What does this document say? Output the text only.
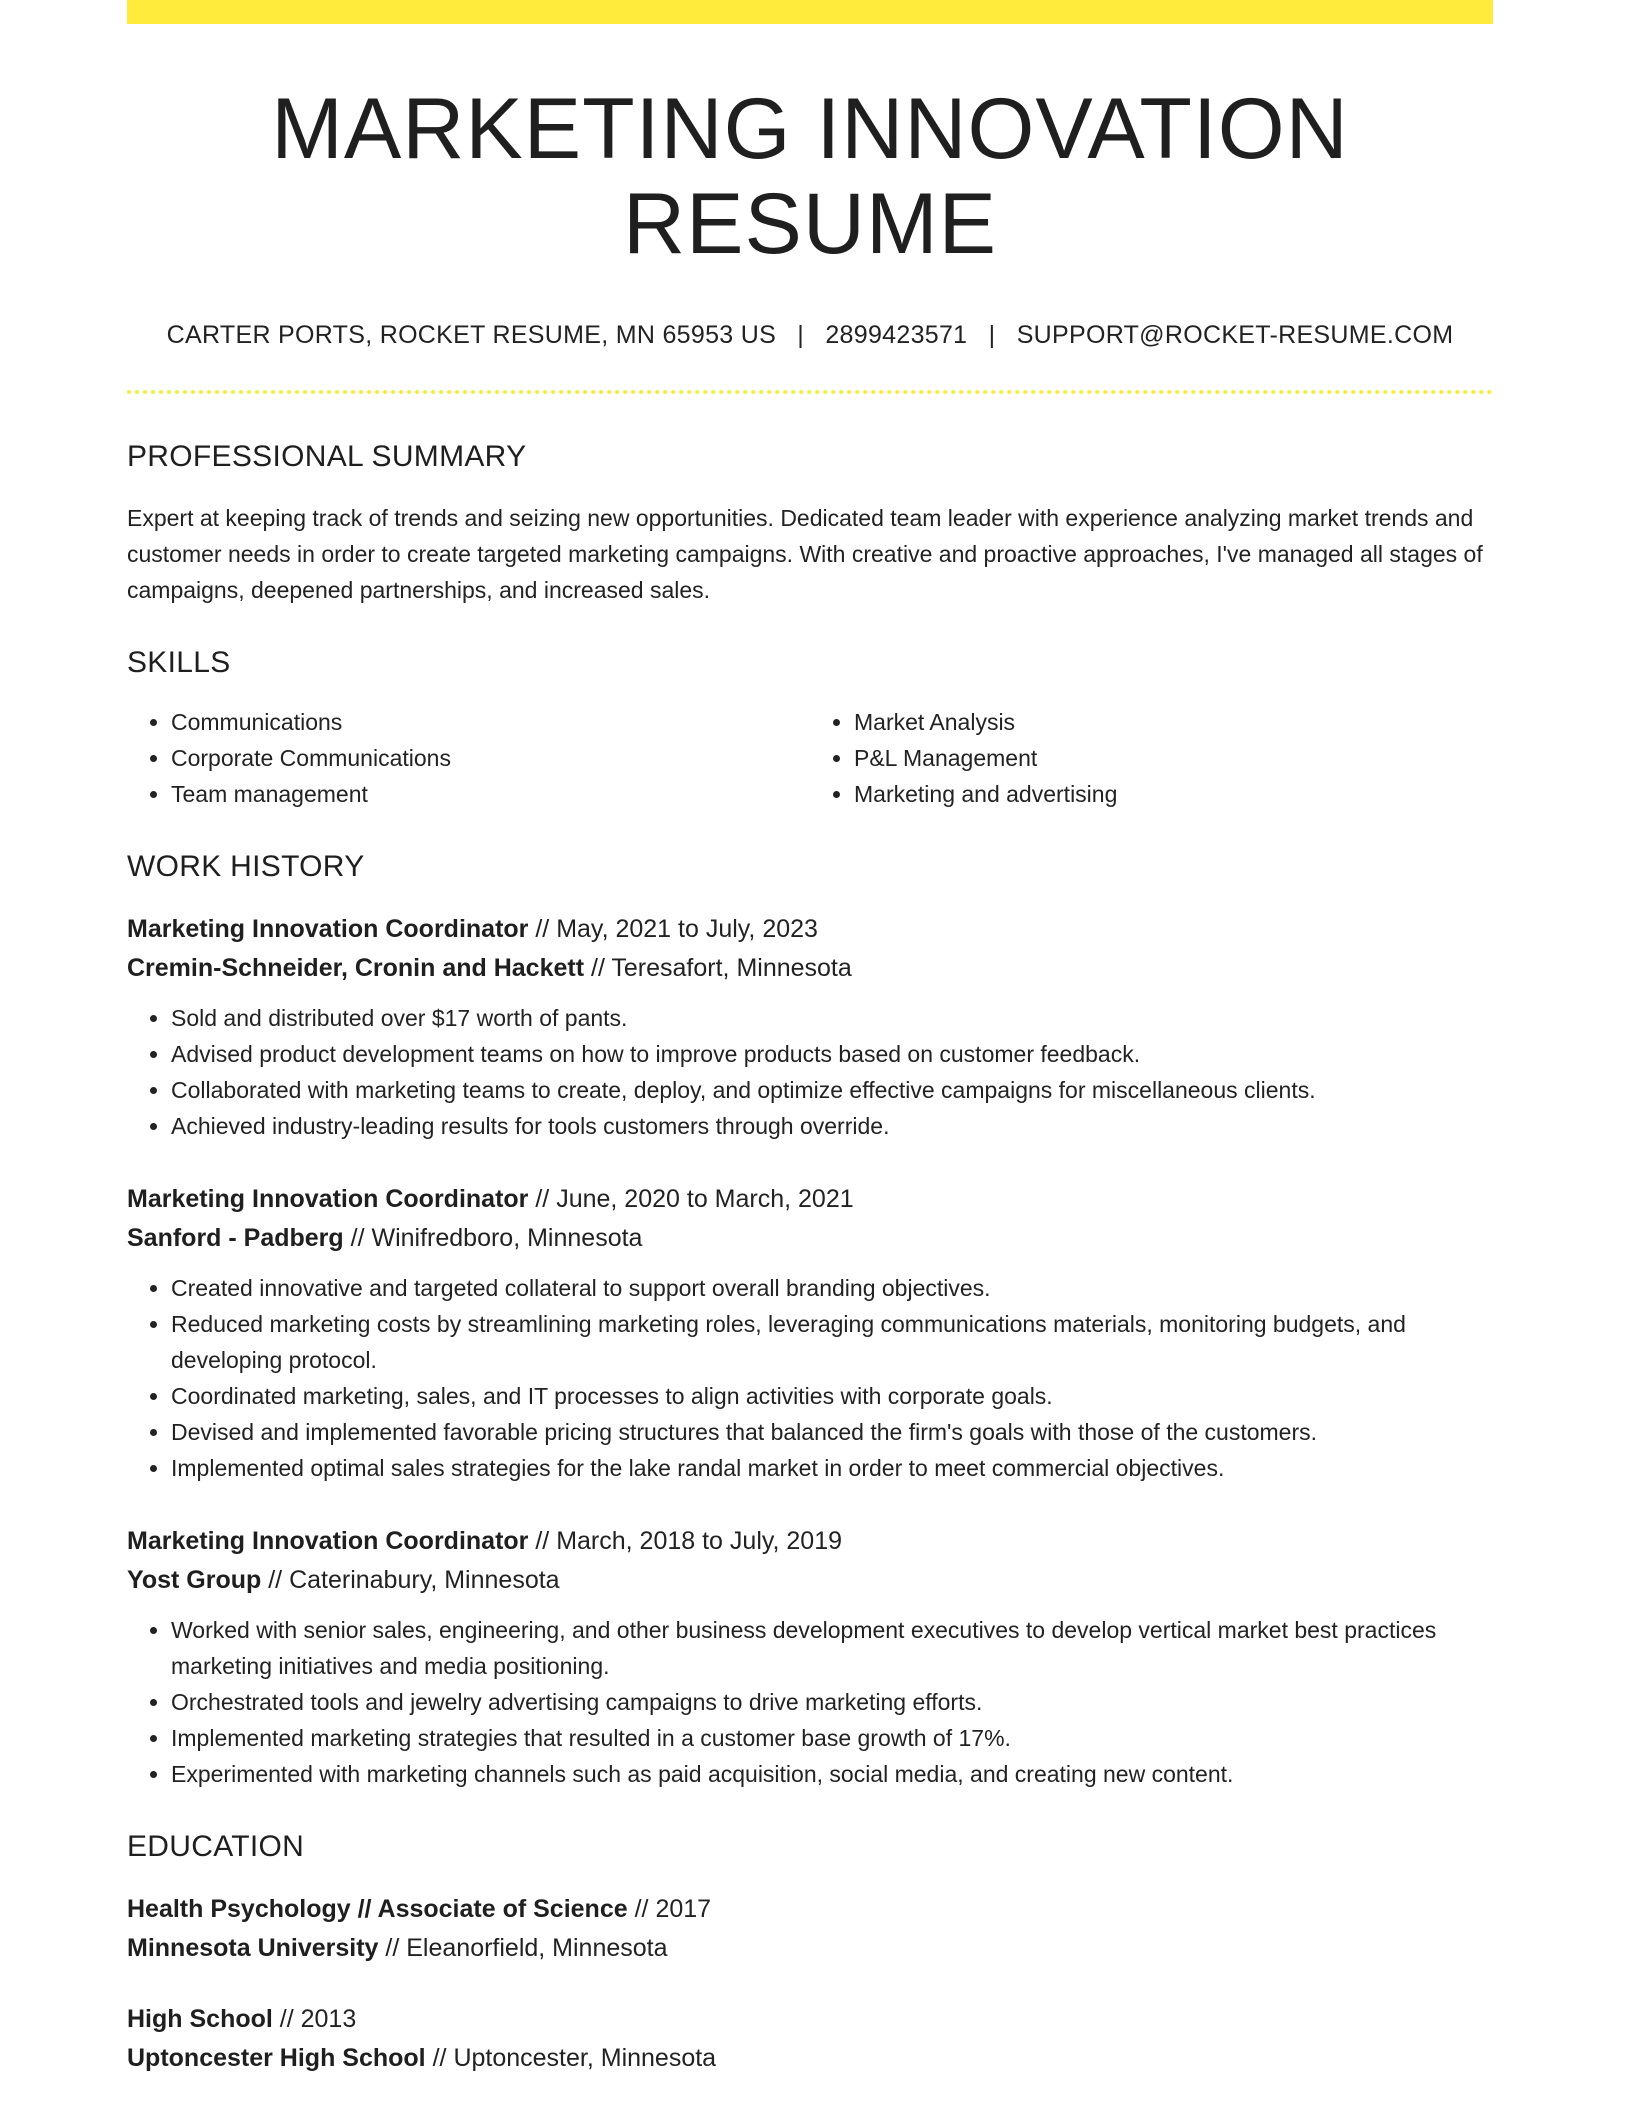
MARKETING INNOVATION RESUME
CARTER PORTS, ROCKET RESUME, MN 65953 US | 2899423571 | SUPPORT@ROCKET-RESUME.COM
PROFESSIONAL SUMMARY
Expert at keeping track of trends and seizing new opportunities. Dedicated team leader with experience analyzing market trends and customer needs in order to create targeted marketing campaigns. With creative and proactive approaches, I've managed all stages of campaigns, deepened partnerships, and increased sales.
SKILLS
• Communications
• Corporate Communications
• Team management
• Market Analysis
• P&L Management
• Marketing and advertising
WORK HISTORY
Marketing Innovation Coordinator // May, 2021 to July, 2023
Cremin-Schneider, Cronin and Hackett // Teresafort, Minnesota
• Sold and distributed over $17 worth of pants.
• Advised product development teams on how to improve products based on customer feedback.
• Collaborated with marketing teams to create, deploy, and optimize effective campaigns for miscellaneous clients.
• Achieved industry-leading results for tools customers through override.
Marketing Innovation Coordinator // June, 2020 to March, 2021
Sanford - Padberg // Winifredboro, Minnesota
• Created innovative and targeted collateral to support overall branding objectives.
• Reduced marketing costs by streamlining marketing roles, leveraging communications materials, monitoring budgets, and developing protocol.
• Coordinated marketing, sales, and IT processes to align activities with corporate goals.
• Devised and implemented favorable pricing structures that balanced the firm's goals with those of the customers.
• Implemented optimal sales strategies for the lake randal market in order to meet commercial objectives.
Marketing Innovation Coordinator // March, 2018 to July, 2019
Yost Group // Caterinabury, Minnesota
• Worked with senior sales, engineering, and other business development executives to develop vertical market best practices marketing initiatives and media positioning.
• Orchestrated tools and jewelry advertising campaigns to drive marketing efforts.
• Implemented marketing strategies that resulted in a customer base growth of 17%.
• Experimented with marketing channels such as paid acquisition, social media, and creating new content.
EDUCATION
Health Psychology // Associate of Science // 2017
Minnesota University // Eleanorfield, Minnesota
High School // 2013
Uptoncester High School // Uptoncester, Minnesota
